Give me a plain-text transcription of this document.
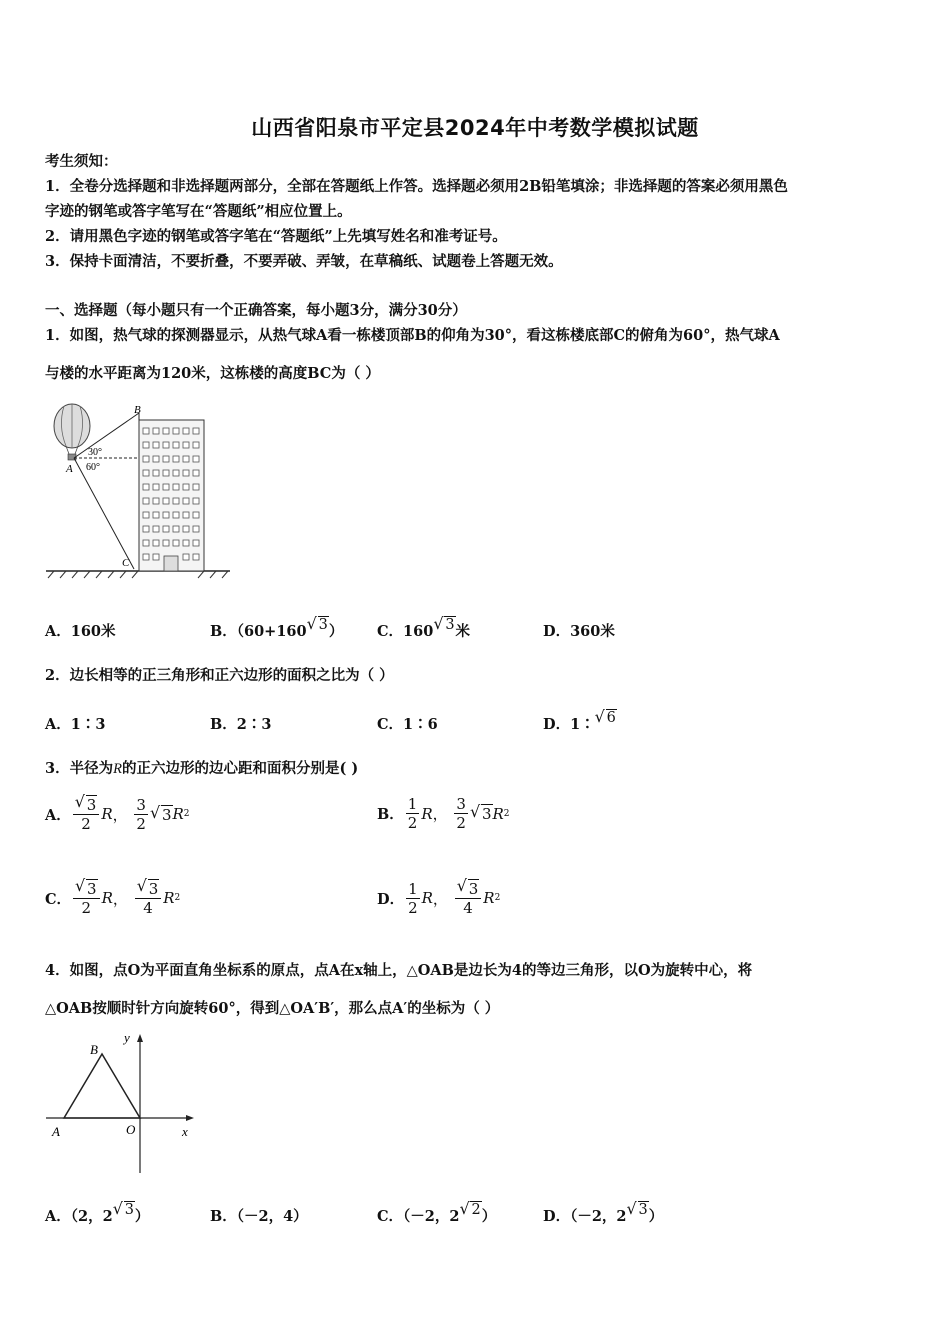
山西省阳泉市平定县2024年中考数学模拟试题
考生须知：
1．全卷分选择题和非选择题两部分，全部在答题纸上作答。选择题必须用2B铅笔填涂；非选择题的答案必须用黑色
字迹的钢笔或答字笔写在“答题纸”相应位置上。
2．请用黑色字迹的钢笔或答字笔在“答题纸”上先填写姓名和准考证号。
3．保持卡面清洁，不要折叠，不要弄破、弄皱，在草稿纸、试题卷上答题无效。
一、选择题（每小题只有一个正确答案，每小题3分，满分30分）
1．如图，热气球的探测器显示，从热气球A看一栋楼顶部B的仰角为30°，看这栋楼底部C的俯角为60°，热气球A
与楼的水平距离为120米，这栋楼的高度BC为（ ）
B
A
C
30°
60°
A．160米	B．（60+160 √ 3） C．160 √ 3米	D．360米
2．边长相等的正三角形和正六边形的面积之比为（ ）
A．1∶3	B．2∶3	C．1∶6	D．1∶ √ 6
3．半径为R的正六边形的边心距和面积分别是( )
A． √ $\frac{3}{2}$ R ，
$\frac{3}{2}$ √ 3 R 2	B． $\frac{1}{2}$ R ，
$\frac{3}{2}$ √ 3 R 2
C． √ $\frac{3}{2}$ R ，
√ $\frac{3}{4}$ R 2	D． $\frac{1}{2}$ R ，
√ $\frac{3}{4}$ R 2
4．如图，点O为平面直角坐标系的原点，点A在x轴上，△OAB是边长为4的等边三角形，以O为旋转中心，将
△OAB按顺时针方向旋转60°，得到△OA′B′，那么点A′的坐标为（ ）
B
y
A	O	x
A．（2，2 √ 3）	B．（－2，4）	C．（－2，2 √ 2）	D．（－2，2 √ 3）
